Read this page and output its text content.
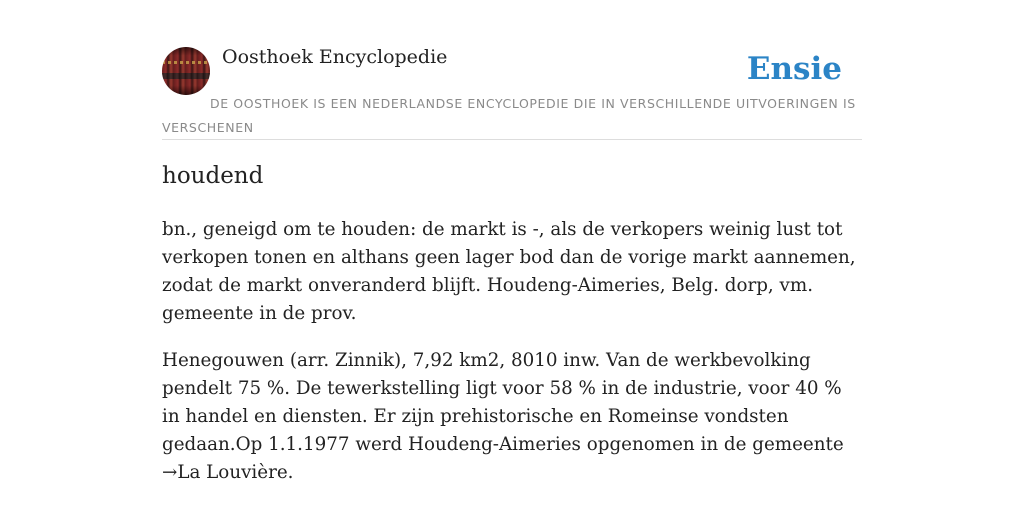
Oosthoek Encyclopedie	Ensie
DE OOSTHOEK IS EEN NEDERLANDSE ENCYCLOPEDIE DIE IN VERSCHILLENDE UITVOERINGEN IS VERSCHENEN
houdend

bn., geneigd om te houden: de markt is -, als de verkopers weinig lust tot verkopen tonen en althans geen lager bod dan de vorige markt aannemen, zodat de markt onveranderd blijft. Houdeng-Aimeries, Belg. dorp, vm. gemeente in de prov.

Henegouwen (arr. Zinnik), 7,92 km2, 8010 inw. Van de werkbevolking pendelt 75 %. De tewerkstelling ligt voor 58 % in de industrie, voor 40 % in handel en diensten. Er zijn prehistorische en Romeinse vondsten gedaan.Op 1.1.1977 werd Houdeng-Aimeries opgenomen in de gemeente →La Louvière.
